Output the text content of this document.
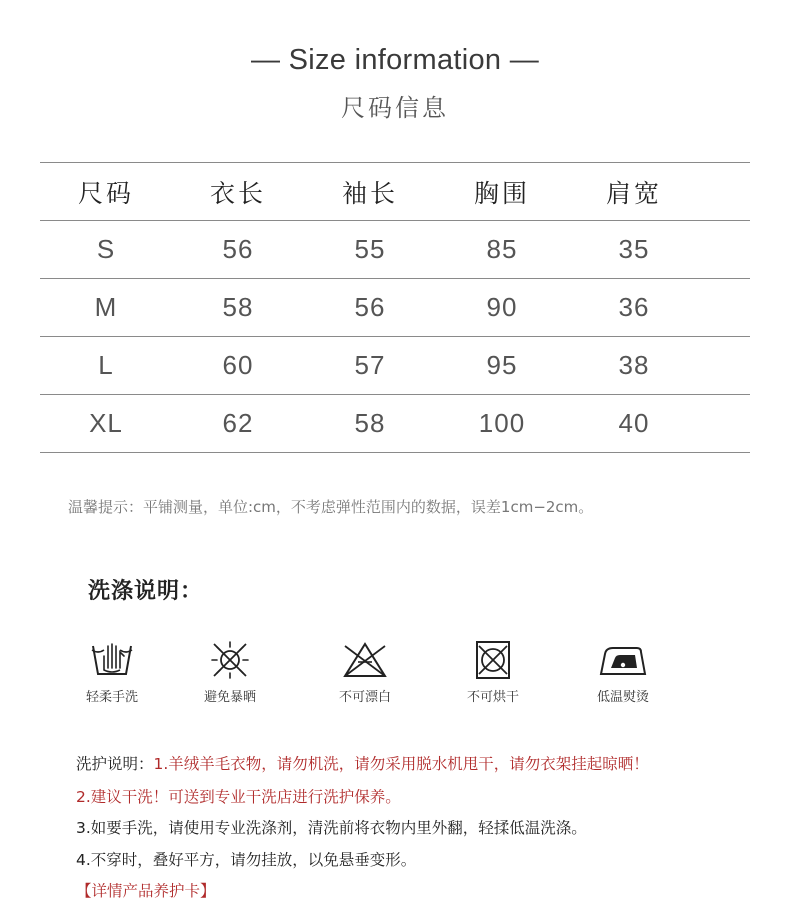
— Size information —
尺码信息
尺码	衣长	袖长	胸围	肩宽
S	56	55	85	35
M	58	56	90	36
L	60	57	95	38
XL	62	58	100	40
温馨提示：平铺测量，单位:cm，不考虑弹性范围内的数据，误差1cm−2cm。
洗涤说明：
轻柔手洗	避免暴晒	不可漂白	不可烘干	低温熨烫
洗护说明：1.羊绒羊毛衣物，请勿机洗，请勿采用脱水机甩干，请勿衣架挂起晾晒！
2.建议干洗！可送到专业干洗店进行洗护保养。
3.如要手洗，请使用专业洗涤剂，清洗前将衣物内里外翻，轻揉低温洗涤。
4.不穿时，叠好平方，请勿挂放，以免悬垂变形。
【详情产品养护卡】
